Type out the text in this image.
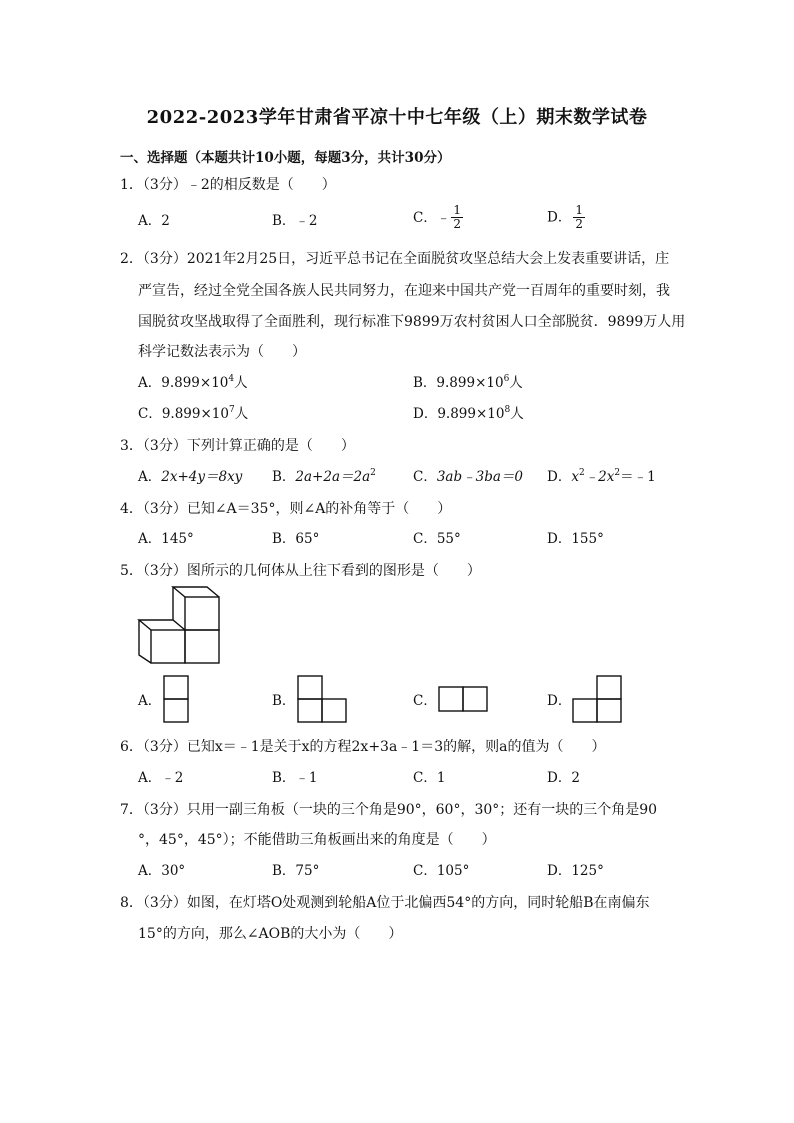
2022-2023学年甘肃省平凉十中七年级（上）期末数学试卷
一、选择题（本题共计10小题，每题3分，共计30分）
1．（3分）﹣2的相反数是（　　）
A．2	B．﹣2	C．﹣ $\frac{1}{2}$	D． $\frac{1}{2}$
2．（3分）2021年2月25日，习近平总书记在全面脱贫攻坚总结大会上发表重要讲话，庄
严宣告，经过全党全国各族人民共同努力，在迎来中国共产党一百周年的重要时刻，我
国脱贫攻坚战取得了全面胜利，现行标准下9899万农村贫困人口全部脱贫．9899万人用
科学记数法表示为（　　）
A．$9.899\times 10^4$人	B．$9.899\times 10^6$人
C．$9.899\times 10^7$人	D．$9.899\times 10^8$人
3．（3分）下列计算正确的是（　　）
A．2x+4y＝8xy B．$2a+2a=2a^2$	C．3ab﹣3ba＝0 D．$x^2﹣2x^2=﹣1$
4．（3分）已知∠A＝35°，则∠A的补角等于（　　）
A．145°	B．65°	C．55°	D．155°
5．（3分）图所示的几何体从上往下看到的图形是（　　）
A．	B．	C．	D．
6．（3分）已知x＝﹣1是关于x的方程2x+3a﹣1＝3的解，则a的值为（　　）
A．﹣2	B．﹣1	C．1	D．2
7．（3分）只用一副三角板（一块的三个角是90°，60°，30°；还有一块的三个角是90
°，45°，45°）；不能借助三角板画出来的角度是（　　）
A．30°	B．75°	C．105°	D．125°
8．（3分）如图，在灯塔O处观测到轮船A位于北偏西54°的方向，同时轮船B在南偏东
15°的方向，那么∠AOB的大小为（　　）
